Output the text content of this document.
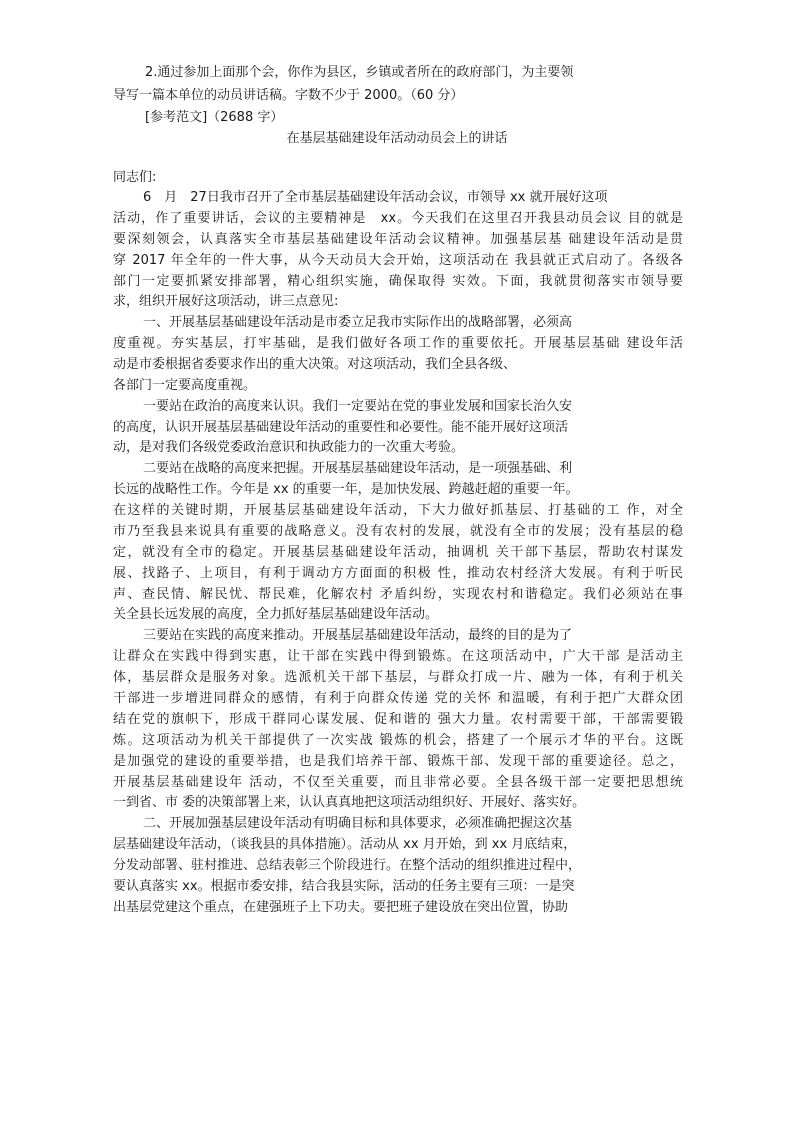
2.通过参加上面那个会，你作为县区，乡镇或者所在的政府部门，为主要领
导写一篇本单位的动员讲话稿。字数不少于 2000。（60 分）
[参考范文]（2688 字）
在基层基础建设年活动动员会上的讲话
同志们:
6　月　27日我市召开了全市基层基础建设年活动会议，市领导 xx 就开展好这项
活动，作了重要讲话，会议的主要精神是　xx。今天我们在这里召开我县动员会议 目的就是
要深刻领会，认真落实全市基层基础建设年活动会议精神。加强基层基 础建设年活动是贯
穿 2017 年全年的一件大事，从今天动员大会开始，这项活动在 我县就正式启动了。各级各
部门一定要抓紧安排部署，精心组织实施，确保取得 实效。下面，我就贯彻落实市领导要
求，组织开展好这项活动，讲三点意见:
一、开展基层基础建设年活动是市委立足我市实际作出的战略部署，必须高
度重视。夯实基层，打牢基础，是我们做好各项工作的重要依托。开展基层基础 建设年活
动是市委根据省委要求作出的重大决策。对这项活动，我们全县各级、
各部门一定要高度重视。
一要站在政治的高度来认识。我们一定要站在党的事业发展和国家长治久安
的高度，认识开展基层基础建设年活动的重要性和必要性。能不能开展好这项活
动，是对我们各级党委政治意识和执政能力的一次重大考验。
二要站在战略的高度来把握。开展基层基础建设年活动，是一项强基础、利
长远的战略性工作。今年是 xx 的重要一年，是加快发展、跨越赶超的重要一年。
在这样的关键时期，开展基层基础建设年活动，下大力做好抓基层、打基础的工 作，对全
市乃至我县来说具有重要的战略意义。没有农村的发展，就没有全市的发展；没有基层的稳
定，就没有全市的稳定。开展基层基础建设年活动，抽调机 关干部下基层，帮助农村谋发
展、找路子、上项目，有利于调动方方面面的积极 性，推动农村经济大发展。有利于听民
声、查民情、解民忧、帮民难，化解农村 矛盾纠纷，实现农村和谐稳定。我们必须站在事
关全县长远发展的高度，全力抓好基层基础建设年活动。
三要站在实践的高度来推动。开展基层基础建设年活动，最终的目的是为了
让群众在实践中得到实惠，让干部在实践中得到锻炼。在这项活动中，广大干部 是活动主
体，基层群众是服务对象。选派机关干部下基层，与群众打成一片、融为一体，有利于机关
干部进一步增进同群众的感情，有利于向群众传递 党的关怀 和温暖，有利于把广大群众团
结在党的旗帜下，形成干群同心谋发展、促和谐的 强大力量。农村需要干部，干部需要锻
炼。这项活动为机关干部提供了一次实战 锻炼的机会，搭建了一个展示才华的平台。这既
是加强党的建设的重要举措，也是我们培养干部、锻炼干部、发现干部的重要途径。总之，
开展基层基础建设年 活动，不仅至关重要，而且非常必要。全县各级干部一定要把思想统
一到省、市 委的决策部署上来，认认真真地把这项活动组织好、开展好、落实好。
二、开展加强基层建设年活动有明确目标和具体要求，必须准确把握这次基
层基础建设年活动，（谈我县的具体措施）。活动从 xx 月开始，到 xx 月底结束，
分发动部署、驻村推进、总结表彰三个阶段进行。在整个活动的组织推进过程中，
要认真落实 xx。根据市委安排，结合我县实际，活动的任务主要有三项：一是突
出基层党建这个重点，在建强班子上下功夫。要把班子建设放在突出位置，协助
